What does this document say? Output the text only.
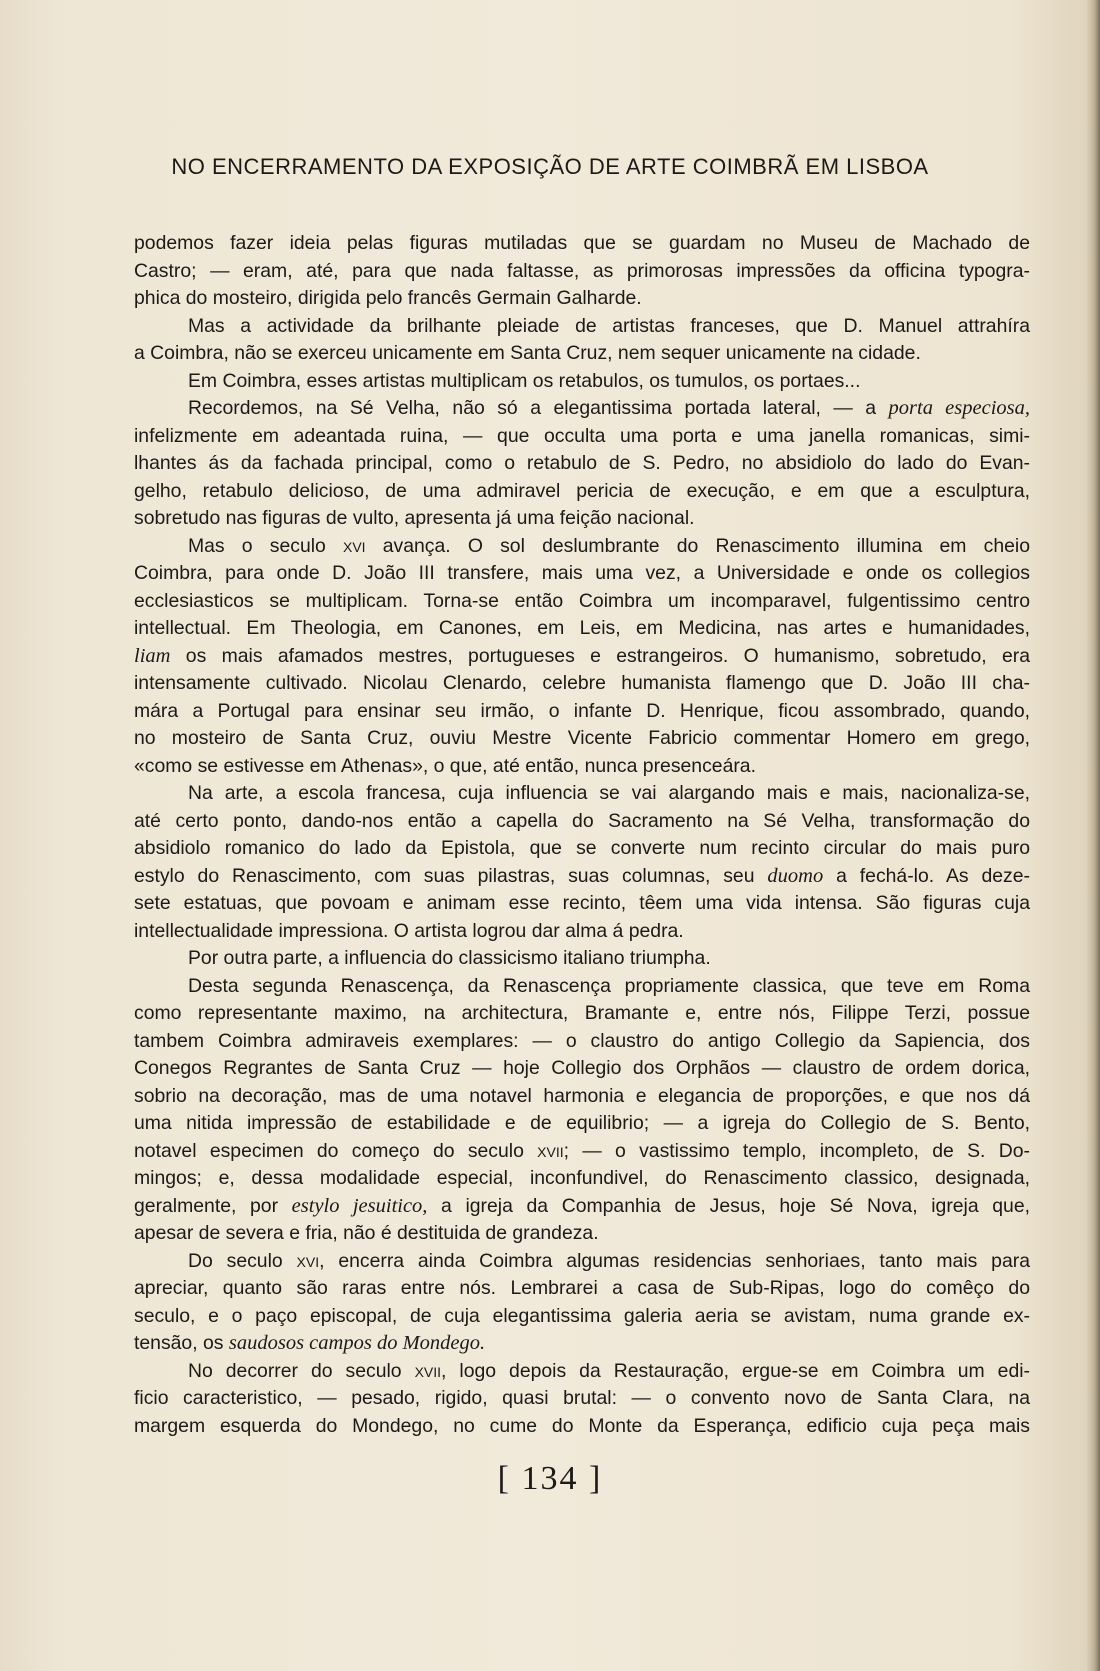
NO ENCERRAMENTO DA EXPOSIÇÃO DE ARTE COIMBRÃ EM LISBOA
podemos fazer ideia pelas figuras mutiladas que se guardam no Museu de Machado de
Castro; — eram, até, para que nada faltasse, as primorosas impressões da officina typogra-
phica do mosteiro, dirigida pelo francês Germain Galharde.
Mas a actividade da brilhante pleiade de artistas franceses, que D. Manuel attrahíra
a Coimbra, não se exerceu unicamente em Santa Cruz, nem sequer unicamente na cidade.
Em Coimbra, esses artistas multiplicam os retabulos, os tumulos, os portaes...
Recordemos, na Sé Velha, não só a elegantissima portada lateral, — a porta especiosa,
infelizmente em adeantada ruina, — que occulta uma porta e uma janella romanicas, simi-
lhantes ás da fachada principal, como o retabulo de S. Pedro, no absidiolo do lado do Evan-
gelho, retabulo delicioso, de uma admiravel pericia de execução, e em que a esculptura,
sobretudo nas figuras de vulto, apresenta já uma feição nacional.
Mas o seculo xvi avança. O sol deslumbrante do Renascimento illumina em cheio
Coimbra, para onde D. João III transfere, mais uma vez, a Universidade e onde os collegios
ecclesiasticos se multiplicam. Torna-se então Coimbra um incomparavel, fulgentissimo centro
intellectual. Em Theologia, em Canones, em Leis, em Medicina, nas artes e humanidades,
liam os mais afamados mestres, portugueses e estrangeiros. O humanismo, sobretudo, era
intensamente cultivado. Nicolau Clenardo, celebre humanista flamengo que D. João III cha-
mára a Portugal para ensinar seu irmão, o infante D. Henrique, ficou assombrado, quando,
no mosteiro de Santa Cruz, ouviu Mestre Vicente Fabricio commentar Homero em grego,
«como se estivesse em Athenas», o que, até então, nunca presenceára.
Na arte, a escola francesa, cuja influencia se vai alargando mais e mais, nacionaliza-se,
até certo ponto, dando-nos então a capella do Sacramento na Sé Velha, transformação do
absidiolo romanico do lado da Epistola, que se converte num recinto circular do mais puro
estylo do Renascimento, com suas pilastras, suas columnas, seu duomo a fechá-lo. As deze-
sete estatuas, que povoam e animam esse recinto, têem uma vida intensa. São figuras cuja
intellectualidade impressiona. O artista logrou dar alma á pedra.
Por outra parte, a influencia do classicismo italiano triumpha.
Desta segunda Renascença, da Renascença propriamente classica, que teve em Roma
como representante maximo, na architectura, Bramante e, entre nós, Filippe Terzi, possue
tambem Coimbra admiraveis exemplares: — o claustro do antigo Collegio da Sapiencia, dos
Conegos Regrantes de Santa Cruz — hoje Collegio dos Orphãos — claustro de ordem dorica,
sobrio na decoração, mas de uma notavel harmonia e elegancia de proporções, e que nos dá
uma nitida impressão de estabilidade e de equilibrio; — a igreja do Collegio de S. Bento,
notavel especimen do começo do seculo xvii; — o vastissimo templo, incompleto, de S. Do-
mingos; e, dessa modalidade especial, inconfundivel, do Renascimento classico, designada,
geralmente, por estylo jesuitico, a igreja da Companhia de Jesus, hoje Sé Nova, igreja que,
apesar de severa e fria, não é destituida de grandeza.
Do seculo xvi, encerra ainda Coimbra algumas residencias senhoriaes, tanto mais para
apreciar, quanto são raras entre nós. Lembrarei a casa de Sub-Ripas, logo do comêço do
seculo, e o paço episcopal, de cuja elegantissima galeria aeria se avistam, numa grande ex-
tensão, os saudosos campos do Mondego.
No decorrer do seculo xvii, logo depois da Restauração, ergue-se em Coimbra um edi-
ficio caracteristico, — pesado, rigido, quasi brutal: — o convento novo de Santa Clara, na
margem esquerda do Mondego, no cume do Monte da Esperança, edificio cuja peça mais
[ 134 ]
